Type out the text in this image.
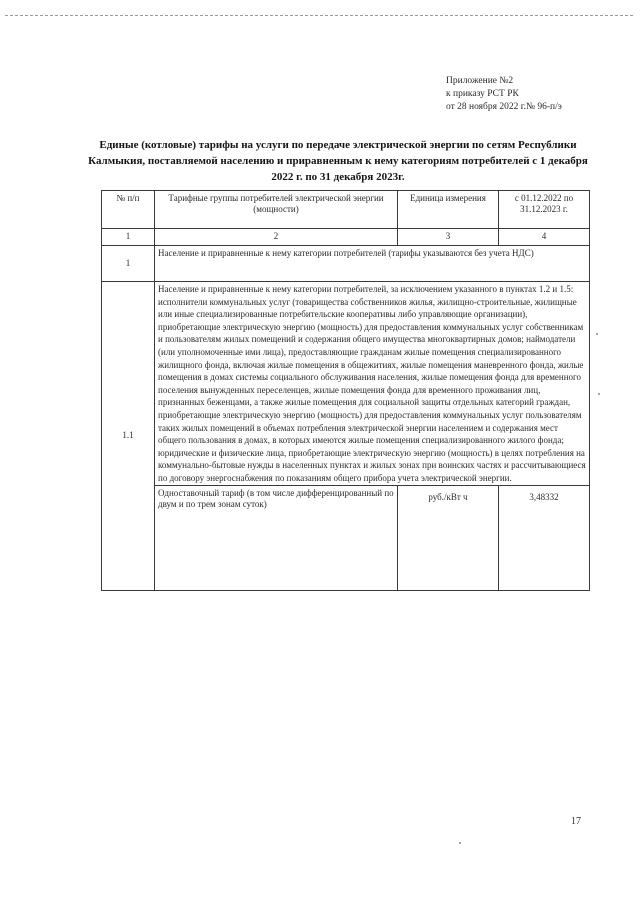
Приложение №2
к приказу РСТ РК
от 28 ноября 2022 г.№ 96-п/э
Единые (котловые) тарифы на услуги по передаче электрической энергии по сетям Республики Калмыкия, поставляемой населению и приравненным к нему категориям потребителей с 1 декабря 2022 г. по 31 декабря 2023г.
№ п/п	Тарифные группы потребителей электрической энергии (мощности)	Единица измерения	с 01.12.2022 по 31.12.2023 г.
1	2	3	4
1	Население и приравненные к нему категории потребителей (тарифы указываются без учета НДС)		
1.1	Население и приравненные к нему категории потребителей, за исключением указанного в пунктах 1.2 и 1.5: исполнители коммунальных услуг (товарищества собственников жилья, жилищно-строительные, жилищные или иные специализированные потребительские кооперативы либо управляющие организации), приобретающие электрическую энергию (мощность) для предоставления коммунальных услуг собственникам и пользователям жилых помещений и содержания общего имущества многоквартирных домов; наймодатели (или уполномоченные ими лица), предоставляющие гражданам жилые помещения специализированного жилищного фонда, включая жилые помещения в общежитиях, жилые помещения маневренного фонда, жилые помещения в домах системы социального обслуживания населения, жилые помещения фонда для временного поселения вынужденных переселенцев, жилые помещения фонда для временного проживания лиц, признанных беженцами, а также жилые помещения для социальной защиты отдельных категорий граждан, приобретающие электрическую энергию (мощность) для предоставления коммунальных услуг пользователям таких жилых помещений в объемах потребления электрической энергии населением и содержания мест общего пользования в домах, в которых имеются жилые помещения специализированного жилого фонда; юридические и физические лица, приобретающие электрическую энергию (мощность) в целях потребления на коммунально-бытовые нужды в населенных пунктах и жилых зонах при воинских частях и рассчитывающиеся по договору энергоснабжения по показаниям общего прибора учета электрической энергии.		
	Одноставочный тариф (в том числе дифференцированный по двум и по трем зонам суток)	руб./кВт ч	3,48332
17
